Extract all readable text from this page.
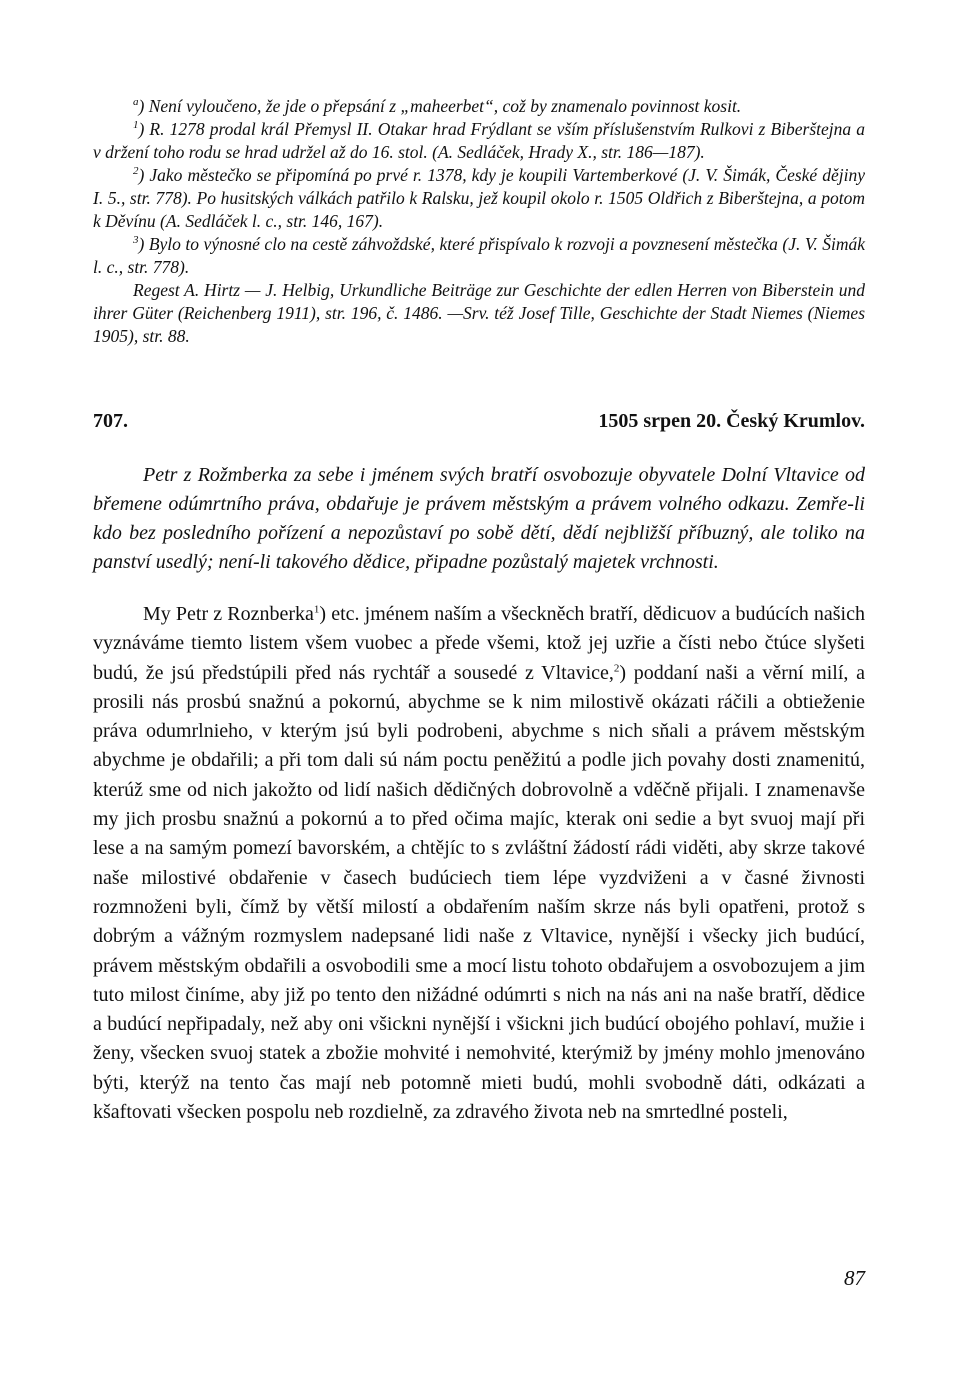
$^a$) Není vyloučeno, že jde o přepsání z „maheerbet“, což by znamenalo povinnost kosit.

$^1$) R. 1278 prodal král Přemysl II. Otakar hrad Frýdlant se vším příslušenstvím Rulkovi z Biberštejna a v držení toho rodu se hrad udržel až do 16. stol. (A. Sedláček, Hrady X., str. 186—187).

$^2$) Jako městečko se připomíná po prvé r. 1378, kdy je koupili Vartemberkové (J. V. Šimák, České dějiny I. 5., str. 778). Po husitských válkách patřilo k Ralsku, jež koupil okolo r. 1505 Oldřich z Biberštejna, a potom k Děvínu (A. Sedláček l. c., str. 146, 167).

$^3$) Bylo to výnosné clo na cestě záhvoždské, které přispívalo k rozvoji a povznesení městečka (J. V. Šimák l. c., str. 778).

Regest A. Hirtz — J. Helbig, Urkundliche Beiträge zur Geschichte der edlen Herren von Biberstein und ihrer Güter (Reichenberg 1911), str. 196, č. 1486. —Srv. též Josef Tille, Geschichte der Stadt Niemes (Niemes 1905), str. 88.

707.	1505 srpen 20. Český Krumlov.

Petr z Rožmberka za sebe i jménem svých bratří osvobozuje obyvatele Dolní Vltavice od břemene odúmrtního práva, obdařuje je právem městským a právem volného odkazu. Zemře-li kdo bez posledního pořízení a nepozůstaví po sobě dětí, dědí nejbližší příbuzný, ale toliko na panství usedlý; není-li takového dědice, připadne pozůstalý majetek vrchnosti.

My Petr z Roznberka$^1$) etc. jménem naším a všeckněch bratří, dědicuov a budúcích našich vyznáváme tiemto listem všem vuobec a přede všemi, ktož jej uzřie a čísti nebo čtúce slyšeti budú, že jsú předstúpili před nás rychtář a sousedé z Vltavice,$^2$) poddaní naši a věrní milí, a prosili nás prosbú snažnú a pokornú, abychme se k nim milostivě okázati ráčili a obtieženie práva odumrlnieho, v kterým jsú byli podrobeni, abychme s nich sňali a právem městským abychme je obdařili; a při tom dali sú nám poctu peněžitú a podle jich povahy dosti znamenitú, kterúž sme od nich jakožto od lidí našich dědičných dobrovolně a vděčně přijali. I znamenavše my jich prosbu snažnú a pokornú a to před očima majíc, kterak oni sedie a byt svuoj mají při lese a na samým pomezí bavorském, a chtějíc to s zvláštní žádostí rádi viděti, aby skrze takové naše milostivé obdařenie v časech budúciech tiem lépe vyzdviženi a v časné živnosti rozmnoženi byli, čímž by větší milostí a obdařením naším skrze nás byli opatřeni, protož s dobrým a vážným rozmyslem nadepsané lidi naše z Vltavice, nynější i všecky jich budúcí, právem městským obdařili a osvobodili sme a mocí listu tohoto obdařujem a osvobozujem a jim tuto milost činíme, aby již po tento den nižádné odúmrti s nich na nás ani na naše bratří, dědice a budúcí nepřipadaly, než aby oni všickni nynější i všickni jich budúcí obojého pohlaví, mužie i ženy, všecken svuoj statek a zbožie mohvité i nemohvité, kterýmiž by jmény mohlo jmenováno býti, kterýž na tento čas mají neb potomně mieti budú, mohli svobodně dáti, odkázati a kšaftovati všecken pospolu neb rozdielně, za zdravého života neb na smrtedlné posteli,

87
